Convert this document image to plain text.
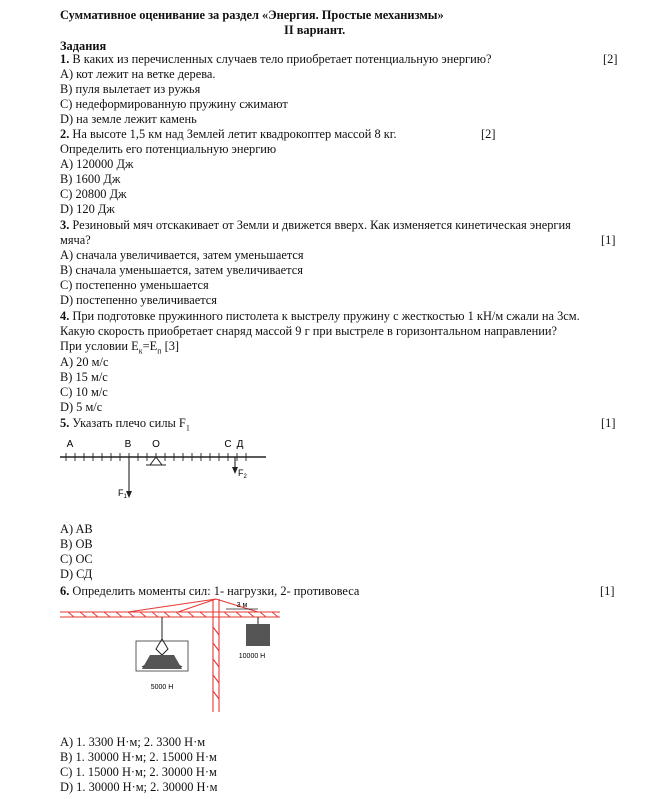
Суммативное оценивание за раздел «Энергия. Простые механизмы»
II вариант.
Задания
1. В каких из перечисленных случаев тело приобретает потенциальную энергию?	[2]
A) кот лежит на ветке дерева.
B) пуля вылетает из ружья
C) недеформированную пружину сжимают
D) на земле лежит камень
2. На высоте 1,5 км над Землей летит квадрокоптер массой 8 кг.	[2]
Определить его потенциальную энергию
A) 120000 Дж
B) 1600 Дж
C) 20800 Дж
D) 120 Дж
3. Резиновый мяч отскакивает от Земли и движется вверх. Как изменяется кинетическая энергия
мяча?	[1]
A) сначала увеличивается, затем уменьшается
B) сначала уменьшается, затем увеличивается
C) постепенно уменьшается
D) постепенно увеличивается
4. При подготовке пружинного пистолета к выстрелу пружину с жесткостью 1 кН/м сжали на 3см.
Какую скорость приобретает снаряд массой 9 г при выстреле в горизонтальном направлении?
При условии $E_к=E_п$ [3]
A) 20 м/с
B) 15 м/с
C) 10 м/с
D) 5 м/с
5. Указать плечо силы $F_1$	[1]
A	B O	C Д
$F_1$
$F_2$
A) AB
B) OB
C) OC
D) СД
6. Определить моменты сил: 1- нагрузки, 2- противовеса	[1]
3 м
5000 Н
10000 Н
A) 1. 3300 Н·м; 2. 3300 Н·м
B) 1. 30000 Н·м; 2. 15000 Н·м
C) 1. 15000 Н·м; 2. 30000 Н·м
D) 1. 30000 Н·м; 2. 30000 Н·м
